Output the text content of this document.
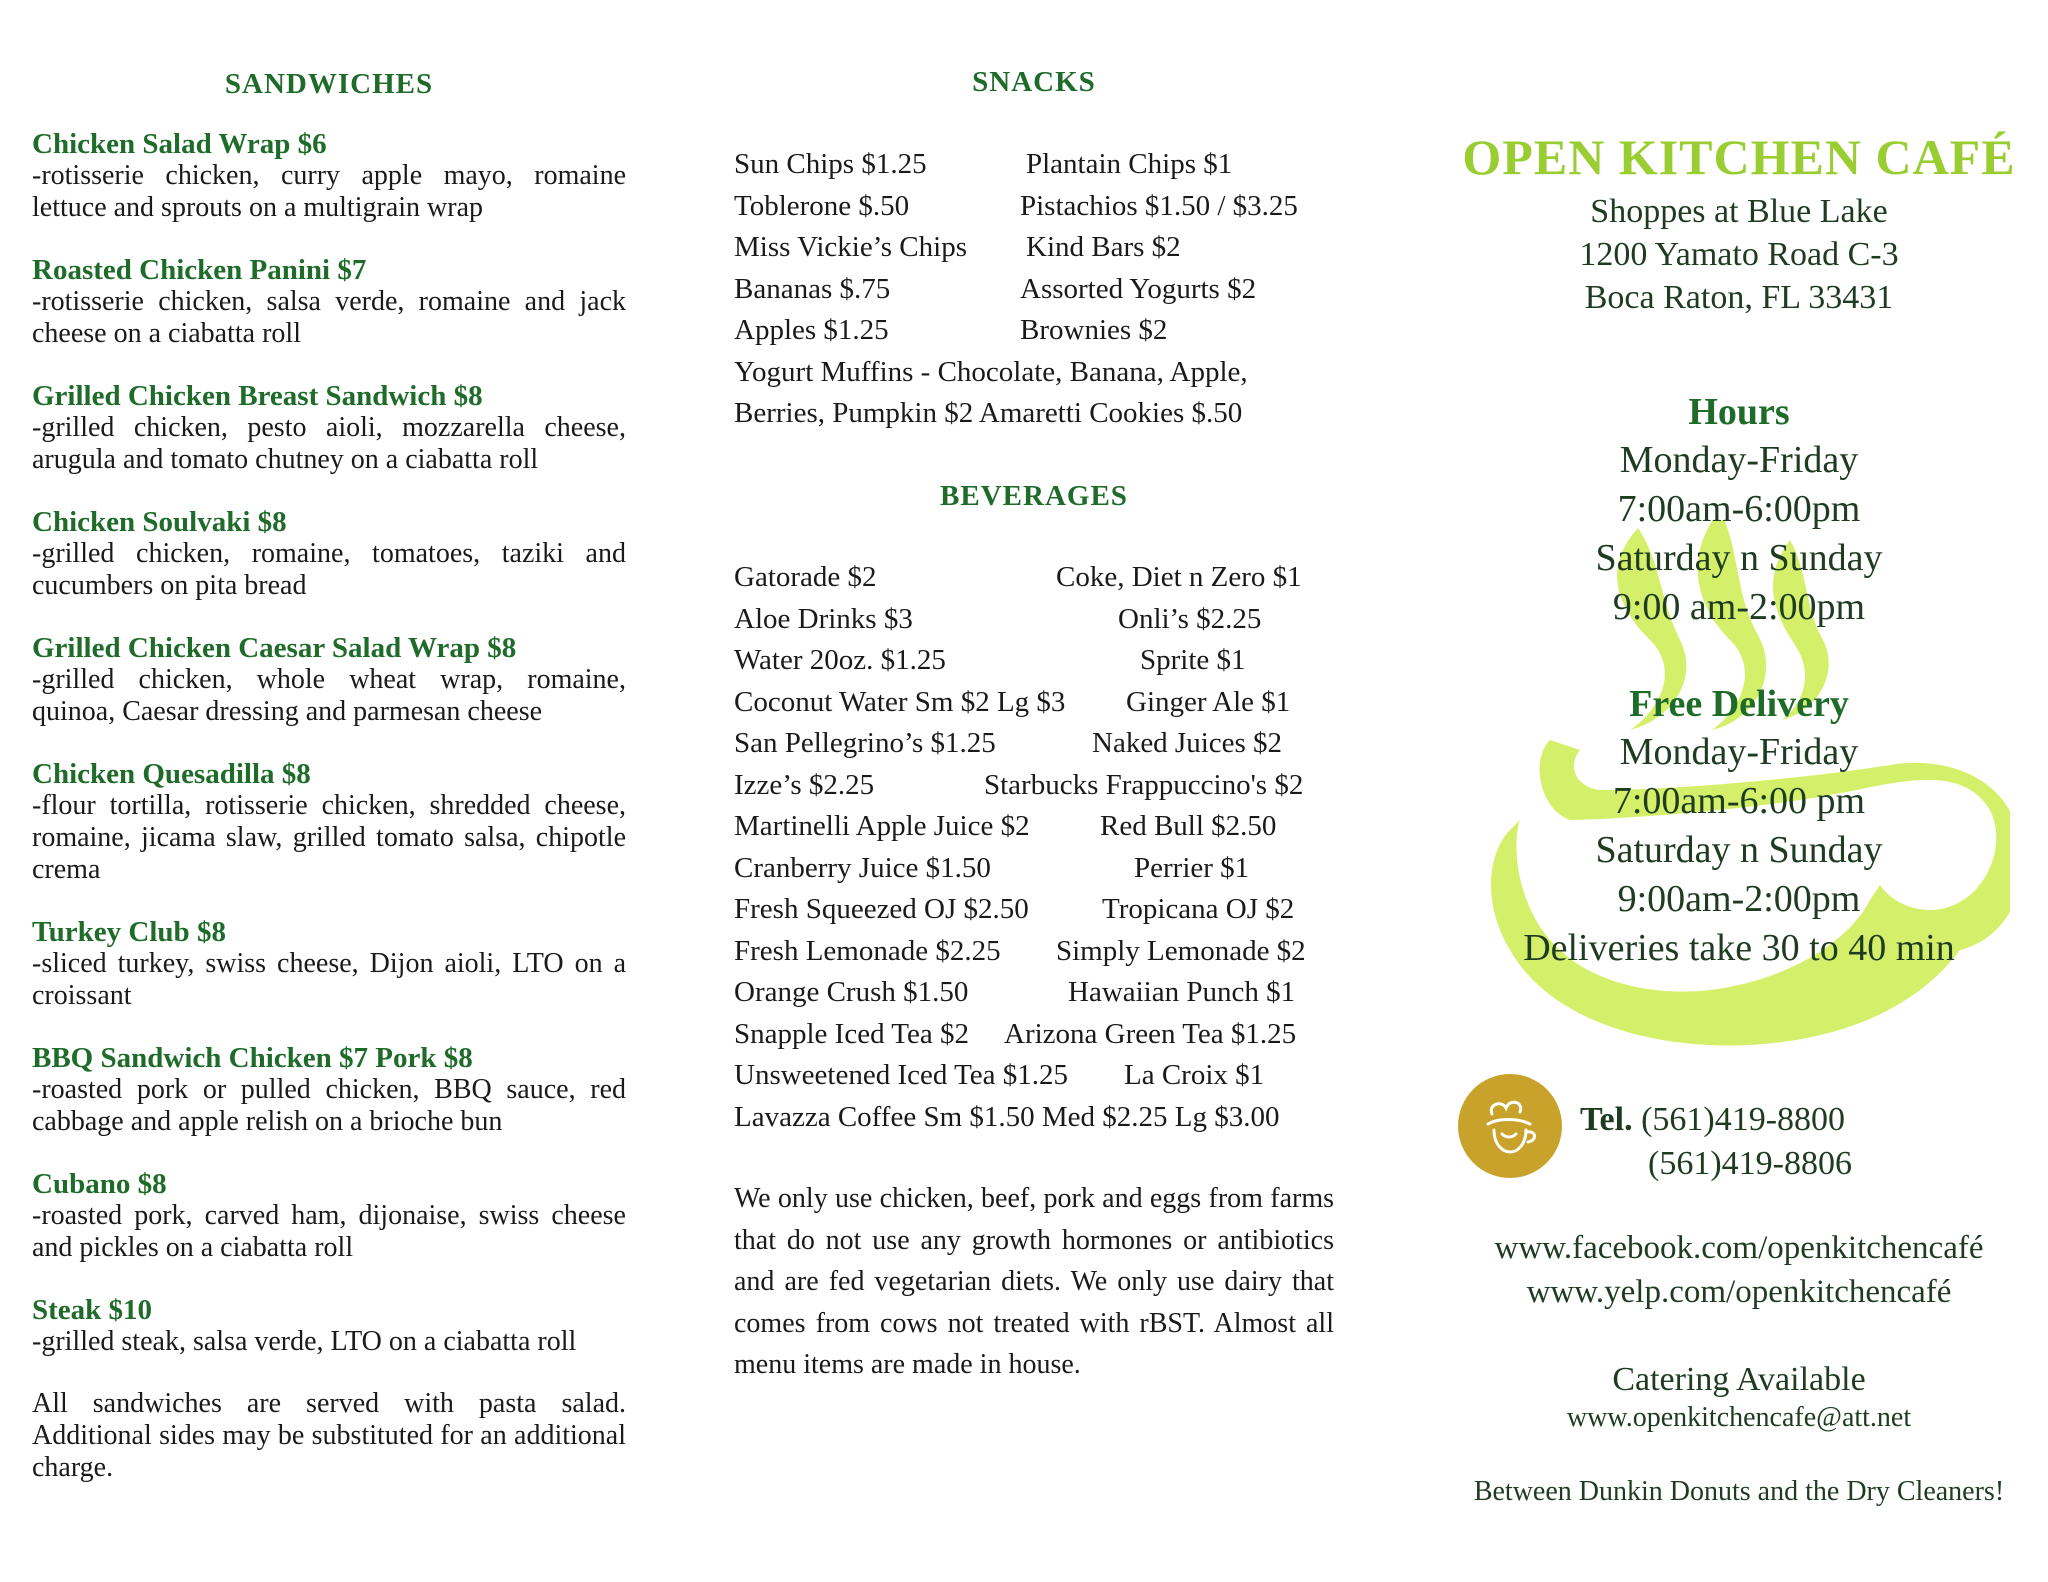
SANDWICHES
Chicken Salad Wrap $6
-rotisserie chicken, curry apple mayo, romaine lettuce and sprouts on a multigrain wrap
Roasted Chicken Panini $7
-rotisserie chicken, salsa verde, romaine and jack cheese on a ciabatta roll
Grilled Chicken Breast Sandwich $8
-grilled chicken, pesto aioli, mozzarella cheese, arugula and tomato chutney on a ciabatta roll
Chicken Soulvaki $8
-grilled chicken, romaine, tomatoes, taziki and cucumbers on pita bread
Grilled Chicken Caesar Salad Wrap $8
-grilled chicken, whole wheat wrap, romaine, quinoa, Caesar dressing and parmesan cheese
Chicken Quesadilla $8
-flour tortilla, rotisserie chicken, shredded cheese, romaine, jicama slaw, grilled tomato salsa, chipotle crema
Turkey Club $8
-sliced turkey, swiss cheese, Dijon aioli, LTO on a croissant
BBQ Sandwich Chicken $7 Pork $8
-roasted pork or pulled chicken, BBQ sauce, red cabbage and apple relish on a brioche bun
Cubano $8
-roasted pork, carved ham, dijonaise, swiss cheese and pickles on a ciabatta roll
Steak $10
-grilled steak, salsa verde, LTO on a ciabatta roll
All sandwiches are served with pasta salad. Additional sides may be substituted for an additional charge.
SNACKS
Sun Chips $1.25	Plantain Chips $1
Toblerone $.50	Pistachios $1.50 / $3.25
Miss Vickie’s Chips Kind Bars $2
Bananas $.75	Assorted Yogurts $2
Apples $1.25	Brownies $2
Yogurt Muffins - Chocolate, Banana, Apple,
Berries, Pumpkin $2 Amaretti Cookies $.50
BEVERAGES
Gatorade $2	Coke, Diet n Zero $1
Aloe Drinks $3	Onli’s $2.25
Water 20oz. $1.25	Sprite $1
Coconut Water Sm $2 Lg $3 Ginger Ale $1
San Pellegrino’s $1.25	Naked Juices $2
Izze’s $2.25	Starbucks Frappuccino's $2
Martinelli Apple Juice $2 Red Bull $2.50
Cranberry Juice $1.50	Perrier $1
Fresh Squeezed OJ $2.50	Tropicana OJ $2
Fresh Lemonade $2.25 Simply Lemonade $2
Orange Crush $1.50	Hawaiian Punch $1
Snapple Iced Tea $2 Arizona Green Tea $1.25
Unsweetened Iced Tea $1.25 La Croix $1
Lavazza Coffee Sm $1.50 Med $2.25 Lg $3.00
We only use chicken, beef, pork and eggs from farms that do not use any growth hormones or antibiotics and are fed vegetarian diets. We only use dairy that comes from cows not treated with rBST. Almost all menu items are made in house.
OPEN KITCHEN CAFÉ
Shoppes at Blue Lake
1200 Yamato Road C-3
Boca Raton, FL 33431
Hours
Monday-Friday
7:00am-6:00pm
Saturday n Sunday
9:00 am-2:00pm
Free Delivery
Monday-Friday
7:00am-6:00 pm
Saturday n Sunday
9:00am-2:00pm
Deliveries take 30 to 40 min
www.facebook.com/openkitchencafé
www.yelp.com/openkitchencafé
Catering Available
www.openkitchencafe@att.net
Between Dunkin Donuts and the Dry Cleaners!
Tel. (561)419-8800
(561)419-8806
